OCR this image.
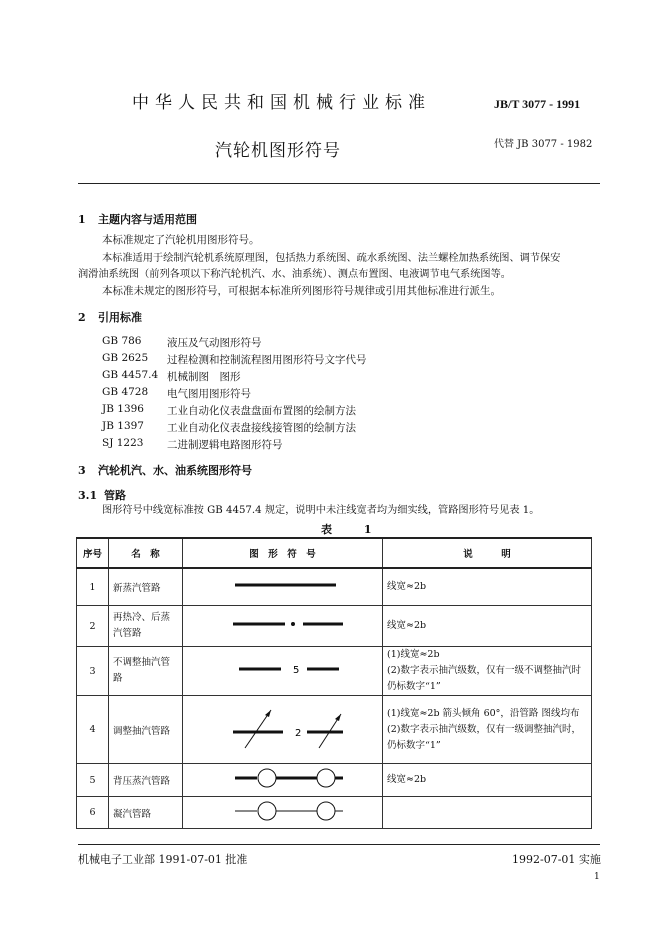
中华人民共和国机械行业标准	JB/T 3077 - 1991
汽轮机图形符号	代替 JB 3077 - 1982
1 主题内容与适用范围
本标准规定了汽轮机用图形符号。
本标准适用于绘制汽轮机系统原理图，包括热力系统图、疏水系统图、法兰螺栓加热系统图、调节保安
润滑油系统图（前列各项以下称汽轮机汽、水、油系统）、测点布置图、电液调节电气系统图等。
本标准未规定的图形符号，可根据本标准所列图形符号规律或引用其他标准进行派生。
2 引用标准
GB 786 液压及气动图形符号
GB 2625 过程检测和控制流程图用图形符号文字代号
GB 4457.4 机械制图　图形
GB 4728 电气图用图形符号
JB 1396 工业自动化仪表盘盘面布置图的绘制方法
JB 1397 工业自动化仪表盘接线接管图的绘制方法
SJ 1223 二进制逻辑电路图形符号
3 汽轮机汽、水、油系统图形符号
3.1 管路
图形符号中线宽标准按 GB 4457.4 规定，说明中未注线宽者均为细实线，管路图形符号见表 1。
表 1
序号	名　称	图　形　符　号	说　　　明
1	新蒸汽管路		线宽≈2b
2	再热冷、后蒸汽管路		线宽≈2b
3	不调整抽汽管路	5	(1)线宽≈2b
(2)数字表示抽汽级数，仅有一级不调整抽汽时仍标数字“1”

4	调整抽汽管路	2	(1)线宽≈2b 箭头倾角 60°，沿管路 图线均布
(2)数字表示抽汽级数，仅有一级调整抽汽时，仍标数字“1”

5	背压蒸汽管路		线宽≈2b
6	凝汽管路		
机械电子工业部 1991-07-01 批准	1992-07-01 实施
1
